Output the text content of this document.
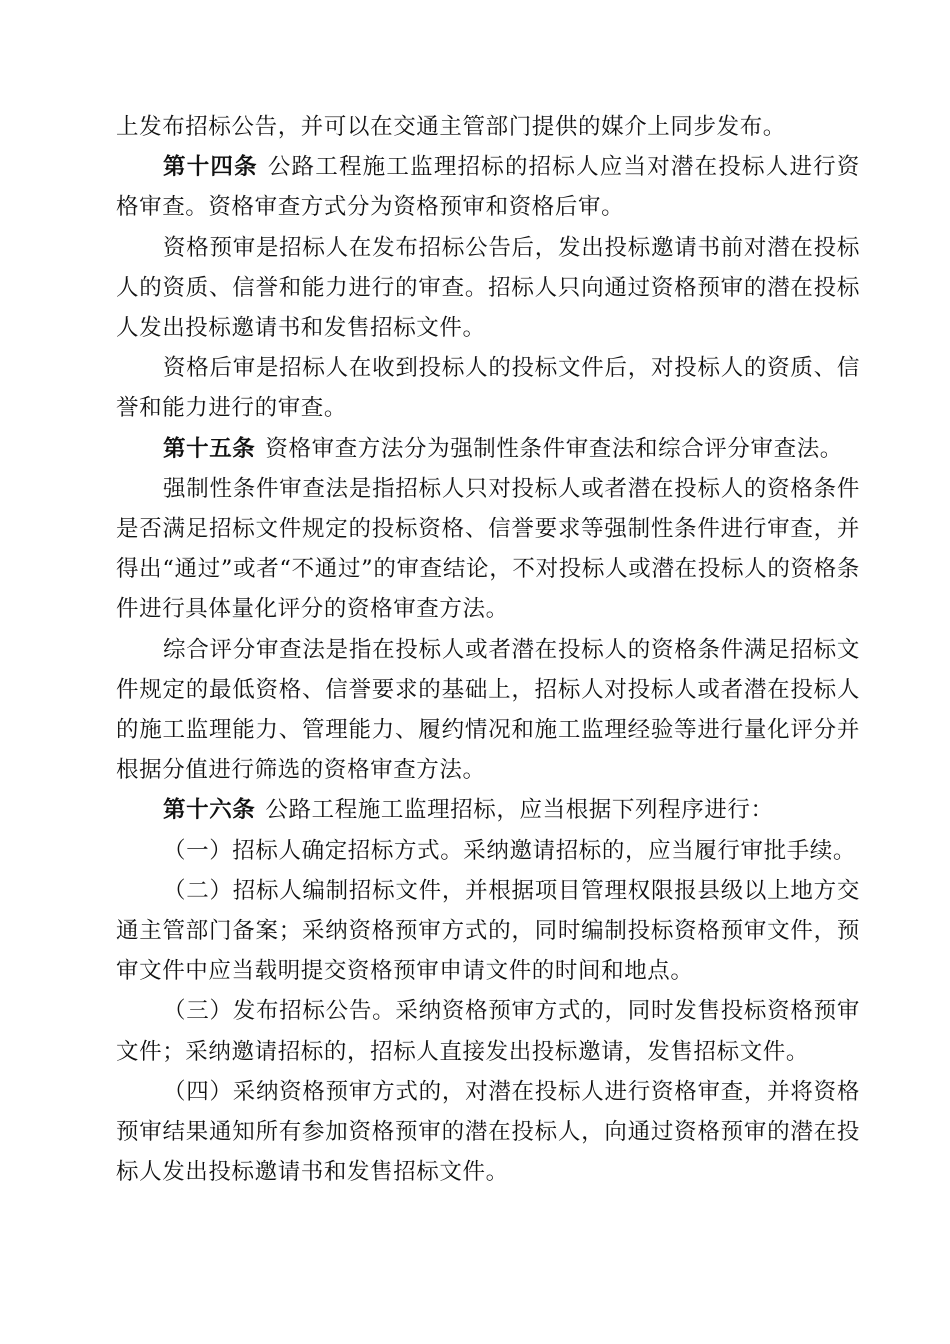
上发布招标公告，并可以在交通主管部门提供的媒介上同步发布。

第十四条 公路工程施工监理招标的招标人应当对潜在投标人进行资格审查。资格审查方式分为资格预审和资格后审。

资格预审是招标人在发布招标公告后，发出投标邀请书前对潜在投标人的资质、信誉和能力进行的审查。招标人只向通过资格预审的潜在投标人发出投标邀请书和发售招标文件。

资格后审是招标人在收到投标人的投标文件后，对投标人的资质、信誉和能力进行的审查。

第十五条 资格审查方法分为强制性条件审查法和综合评分审查法。

强制性条件审查法是指招标人只对投标人或者潜在投标人的资格条件是否满足招标文件规定的投标资格、信誉要求等强制性条件进行审查，并得出“通过”或者“不通过”的审查结论，不对投标人或潜在投标人的资格条件进行具体量化评分的资格审查方法。

综合评分审查法是指在投标人或者潜在投标人的资格条件满足招标文件规定的最低资格、信誉要求的基础上，招标人对投标人或者潜在投标人的施工监理能力、管理能力、履约情况和施工监理经验等进行量化评分并根据分值进行筛选的资格审查方法。

第十六条 公路工程施工监理招标，应当根据下列程序进行：

（一）招标人确定招标方式。采纳邀请招标的，应当履行审批手续。

（二）招标人编制招标文件，并根据项目管理权限报县级以上地方交通主管部门备案；采纳资格预审方式的，同时编制投标资格预审文件，预审文件中应当载明提交资格预审申请文件的时间和地点。

（三）发布招标公告。采纳资格预审方式的，同时发售投标资格预审文件；采纳邀请招标的，招标人直接发出投标邀请，发售招标文件。

（四）采纳资格预审方式的，对潜在投标人进行资格审查，并将资格预审结果通知所有参加资格预审的潜在投标人，向通过资格预审的潜在投标人发出投标邀请书和发售招标文件。
